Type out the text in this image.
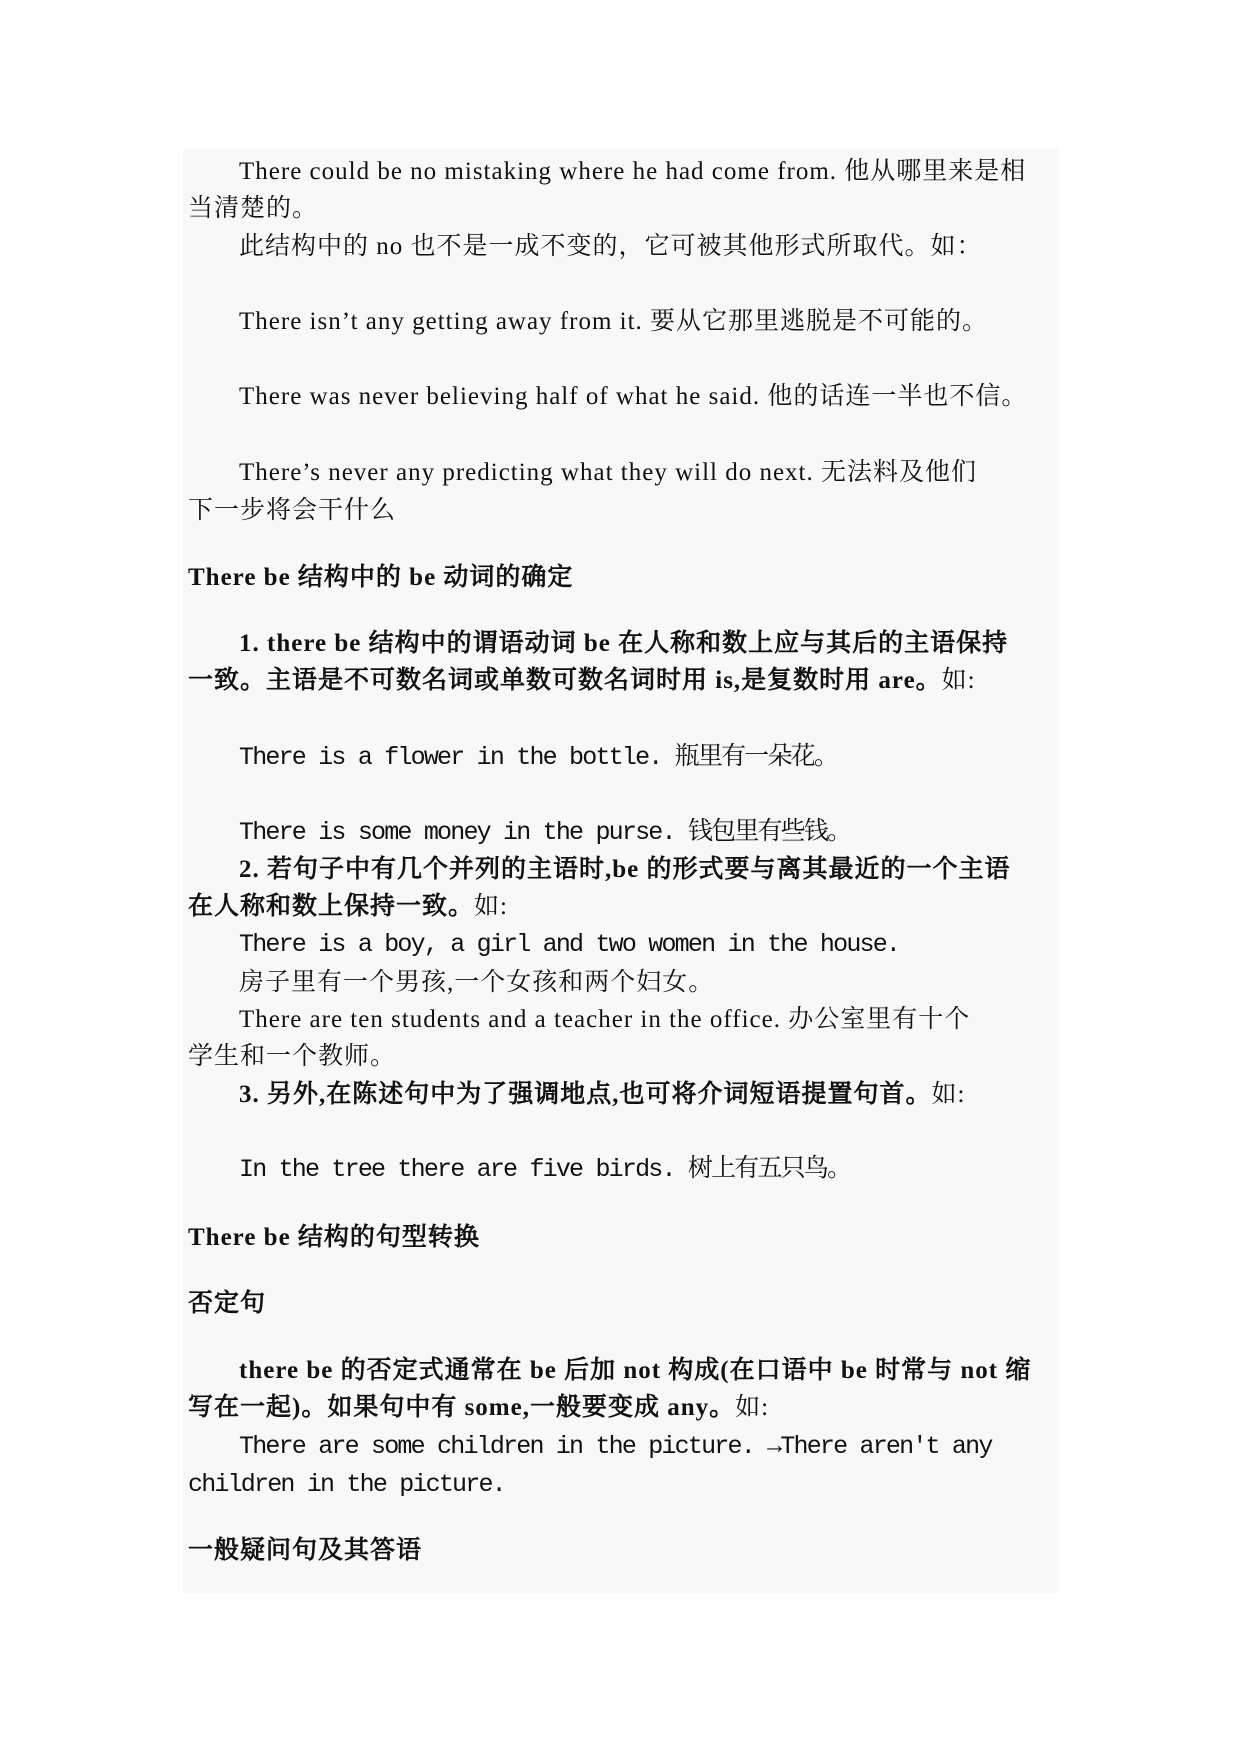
There could be no mistaking where he had come from. 他从哪里来是相
当清楚的。
此结构中的 no 也不是一成不变的，它可被其他形式所取代。如：
There isn’t any getting away from it. 要从它那里逃脱是不可能的。
There was never believing half of what he said. 他的话连一半也不信。
There’s never any predicting what they will do next. 无法料及他们
下一步将会干什么
There be 结构中的 be 动词的确定
1. there be 结构中的谓语动词 be 在人称和数上应与其后的主语保持
一致。主语是不可数名词或单数可数名词时用 is,是复数时用 are。如:
There is a flower in the bottle. 瓶里有一朵花。
There is some money in the purse. 钱包里有些钱。
2. 若句子中有几个并列的主语时,be 的形式要与离其最近的一个主语
在人称和数上保持一致。如:
There is a boy, a girl and two women in the house.
房子里有一个男孩,一个女孩和两个妇女。
There are ten students and a teacher in the office. 办公室里有十个
学生和一个教师。
3. 另外,在陈述句中为了强调地点,也可将介词短语提置句首。如:
In the tree there are five birds. 树上有五只鸟。
There be 结构的句型转换
否定句
there be 的否定式通常在 be 后加 not 构成(在口语中 be 时常与 not 缩
写在一起)。如果句中有 some,一般要变成 any。如:
There are some children in the picture. →There aren't any
children in the picture.
一般疑问句及其答语
